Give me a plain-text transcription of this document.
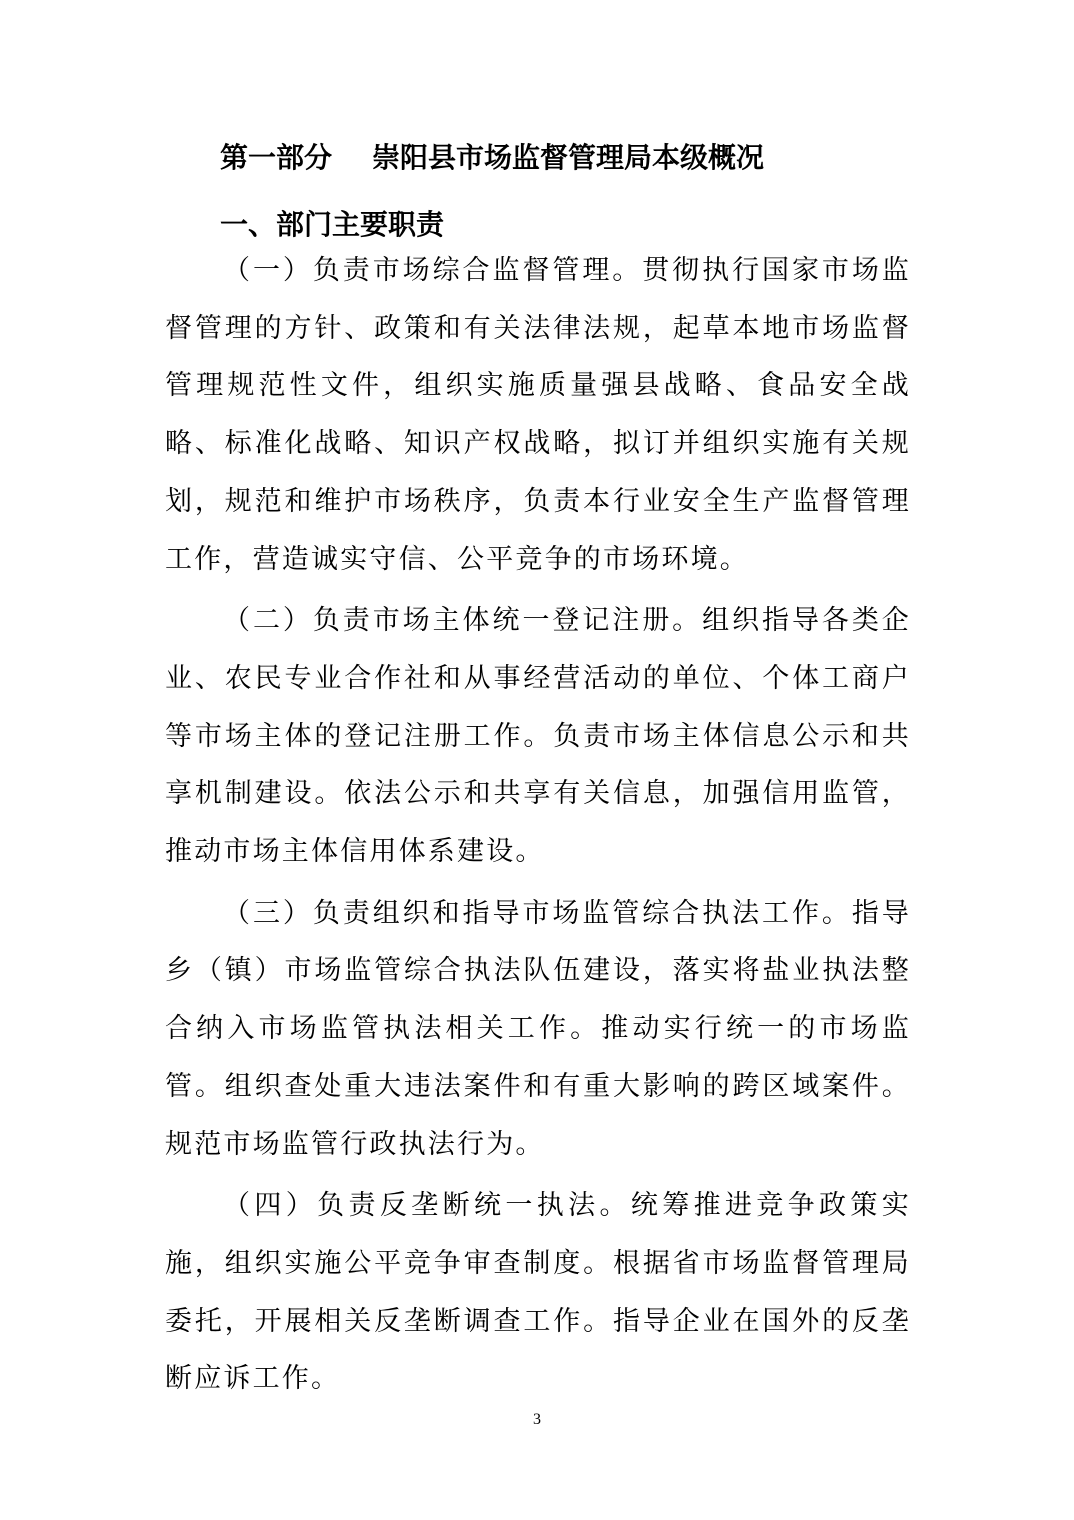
第一部分 崇阳县市场监督管理局本级概况
一、部门主要职责

（一）负责市场综合监督管理。贯彻执行国家市场监督管理的方针、政策和有关法律法规，起草本地市场监督管理规范性文件，组织实施质量强县战略、食品安全战略、标准化战略、知识产权战略，拟订并组织实施有关规划，规范和维护市场秩序，负责本行业安全生产监督管理工作，营造诚实守信、公平竞争的市场环境。

（二）负责市场主体统一登记注册。组织指导各类企业、农民专业合作社和从事经营活动的单位、个体工商户等市场主体的登记注册工作。负责市场主体信息公示和共享机制建设。依法公示和共享有关信息，加强信用监管，推动市场主体信用体系建设。

（三）负责组织和指导市场监管综合执法工作。指导乡（镇）市场监管综合执法队伍建设，落实将盐业执法整合纳入市场监管执法相关工作。推动实行统一的市场监管。组织查处重大违法案件和有重大影响的跨区域案件。规范市场监管行政执法行为。

（四）负责反垄断统一执法。统筹推进竞争政策实施，组织实施公平竞争审查制度。根据省市场监督管理局委托，开展相关反垄断调查工作。指导企业在国外的反垄断应诉工作。

3
